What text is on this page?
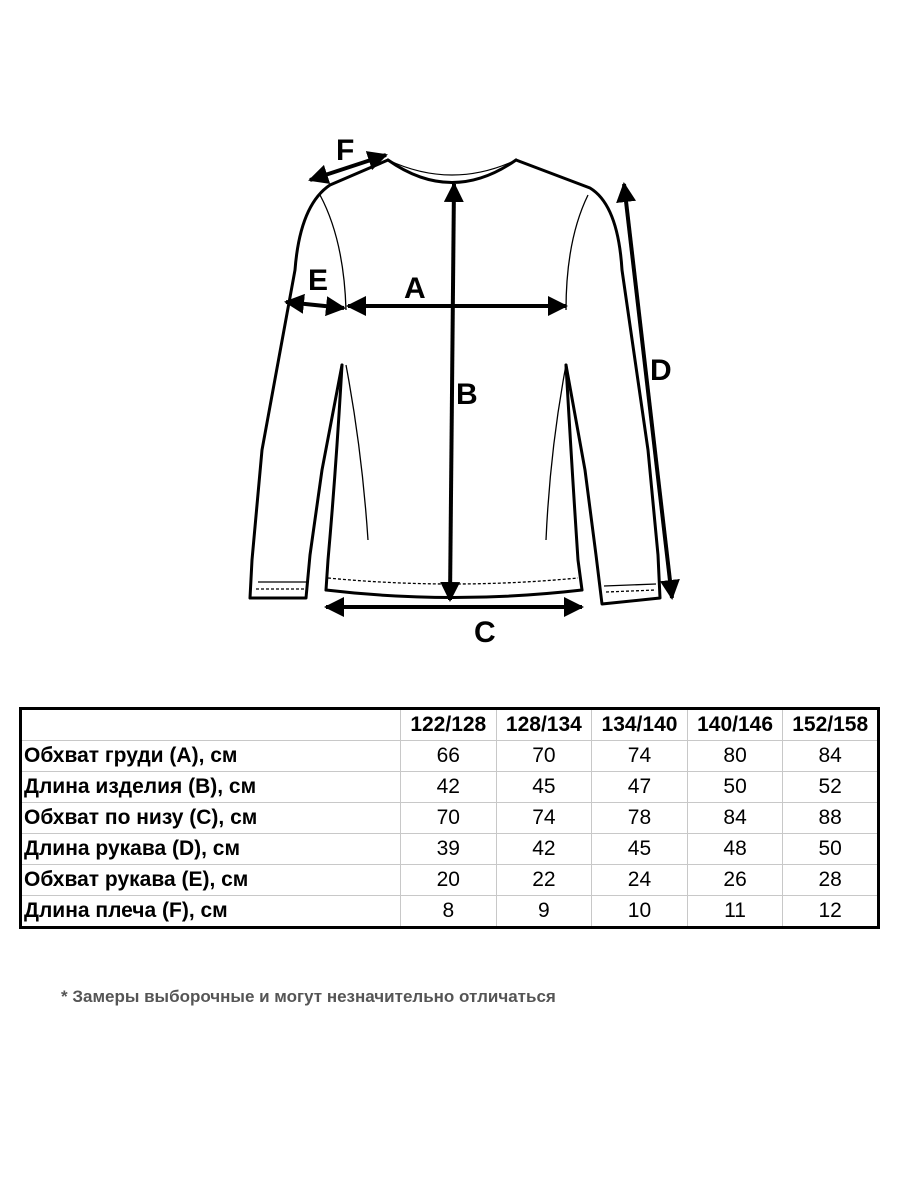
F
E	A
B
C
D
	122/128	128/134	134/140	140/146	152/158
Обхват груди (A), см	66	70	74	80	84
Длина изделия (B), см	42	45	47	50	52
Обхват по низу (C), см	70	74	78	84	88
Длина рукава (D), см	39	42	45	48	50
Обхват рукава (E), см	20	22	24	26	28
Длина плеча (F), см	8	9	10	11	12
* Замеры выборочные и могут незначительно отличаться
